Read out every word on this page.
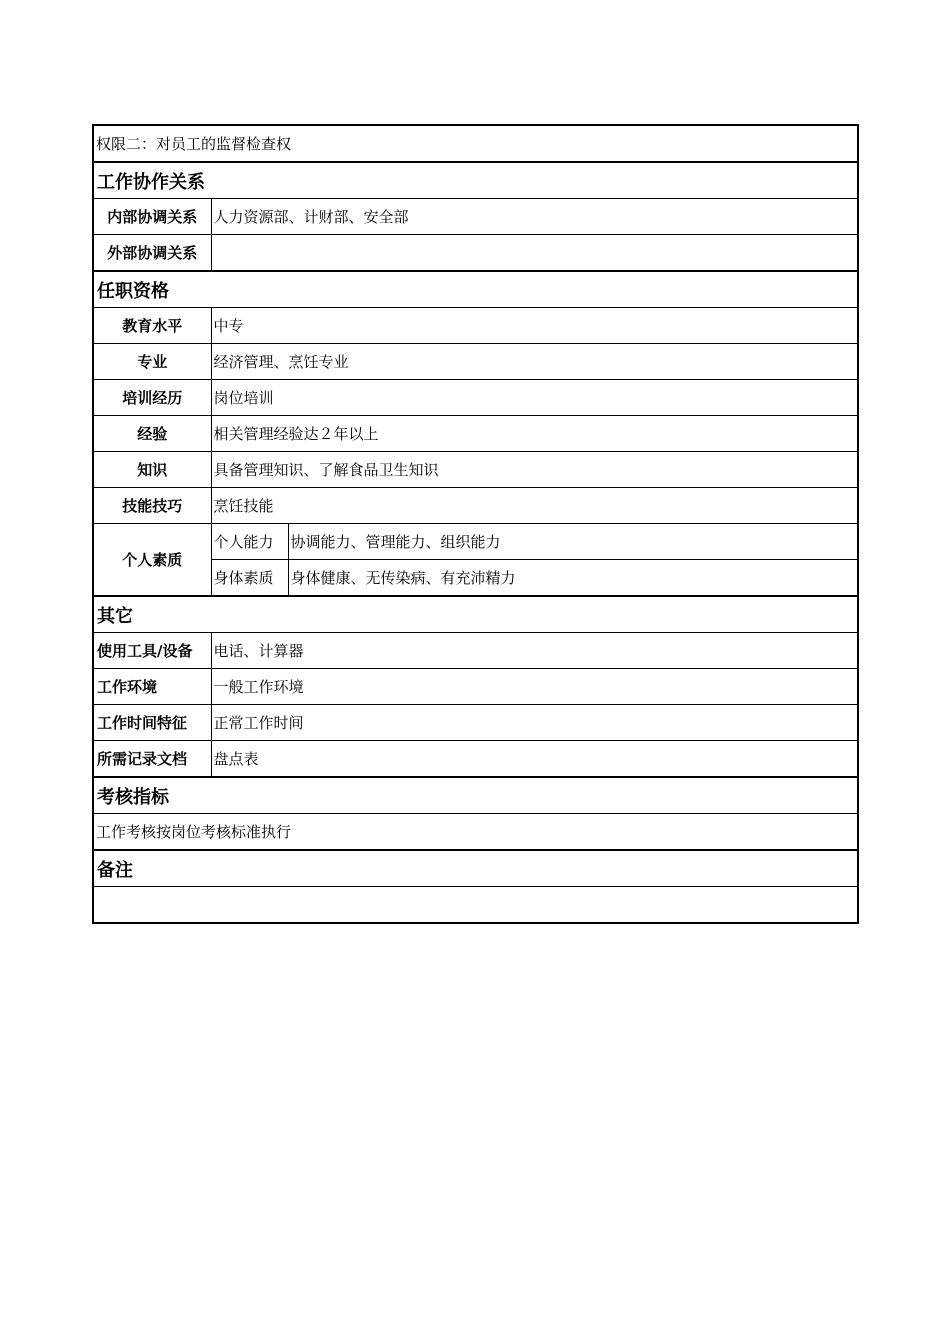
权限二：对员工的监督检查权		
工作协作关系		
内部协调关系	人力资源部、计财部、安全部	
外部协调关系		
任职资格		
教育水平	中专	
专业	经济管理、烹饪专业	
培训经历	岗位培训	
经验	相关管理经验达２年以上	
知识	具备管理知识、了解食品卫生知识	
技能技巧	烹饪技能	
个人素质	个人能力	协调能力、管理能力、组织能力
	身体素质	身体健康、无传染病、有充沛精力
其它		
使用工具/设备	电话、计算器	
工作环境	一般工作环境	
工作时间特征	正常工作时间	
所需记录文档	盘点表	
考核指标		
工作考核按岗位考核标准执行		
备注		
